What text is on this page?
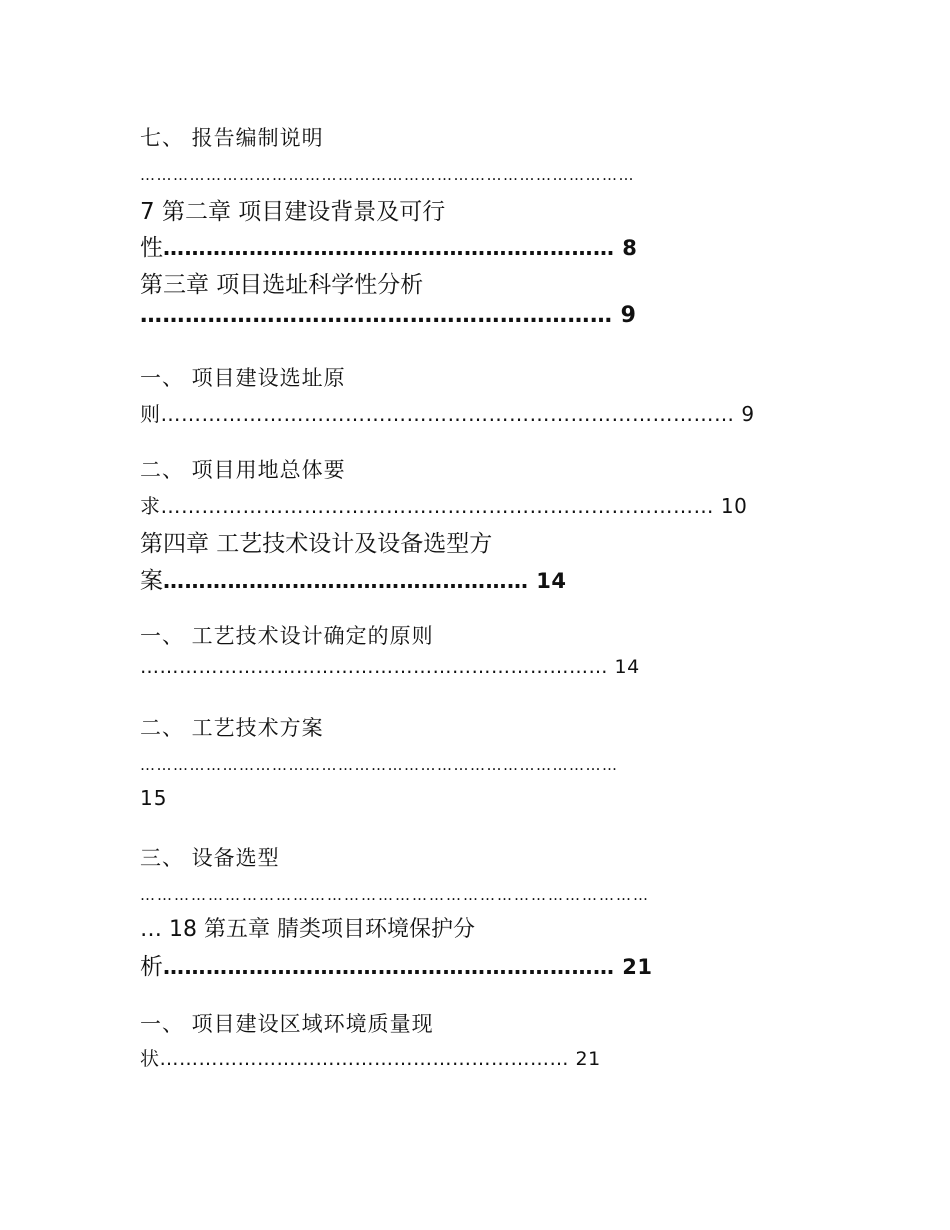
七、 报告编制说明
………………………………………………………………………………
7 第二章 项目建设背景及可行
性……………………………………………………… 8
第三章 项目选址科学性分析
……………………………………………………… 9
一、 项目建设选址原
则………………………………………………………………………… 9
二、 项目用地总体要
求……………………………………………………………………… 10
第四章 工艺技术设计及设备选型方
案…………………………………………… 14
一、 工艺技术设计确定的原则
……………………………………………………………… 14
二、 工艺技术方案
……………………………………………………………………………
15
三、 设备选型
………………………………………………………………………………
… 18 第五章 腈类项目环境保护分
析……………………………………………………… 21
一、 项目建设区域环境质量现
状……………………………………………………… 21
